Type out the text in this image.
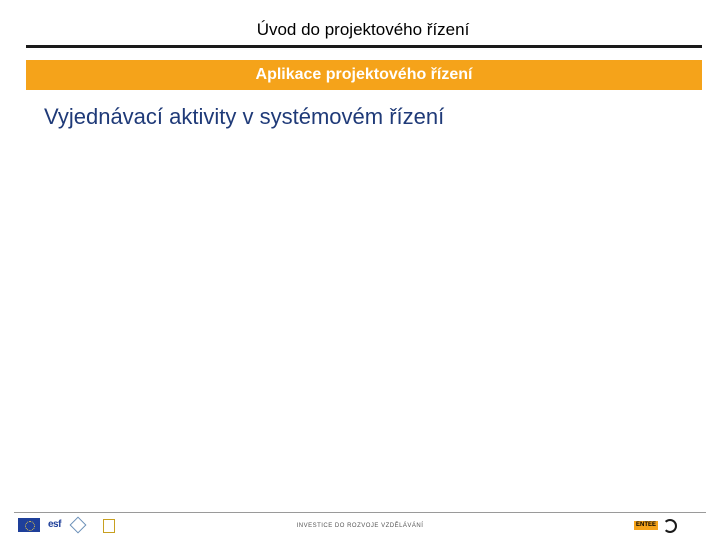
Úvod do projektového řízení
Aplikace projektového řízení
Vyjednávací aktivity v systémovém řízení
esf	INVESTICE DO ROZVOJE VZDĚLÁVÁNÍ	ENTEE
